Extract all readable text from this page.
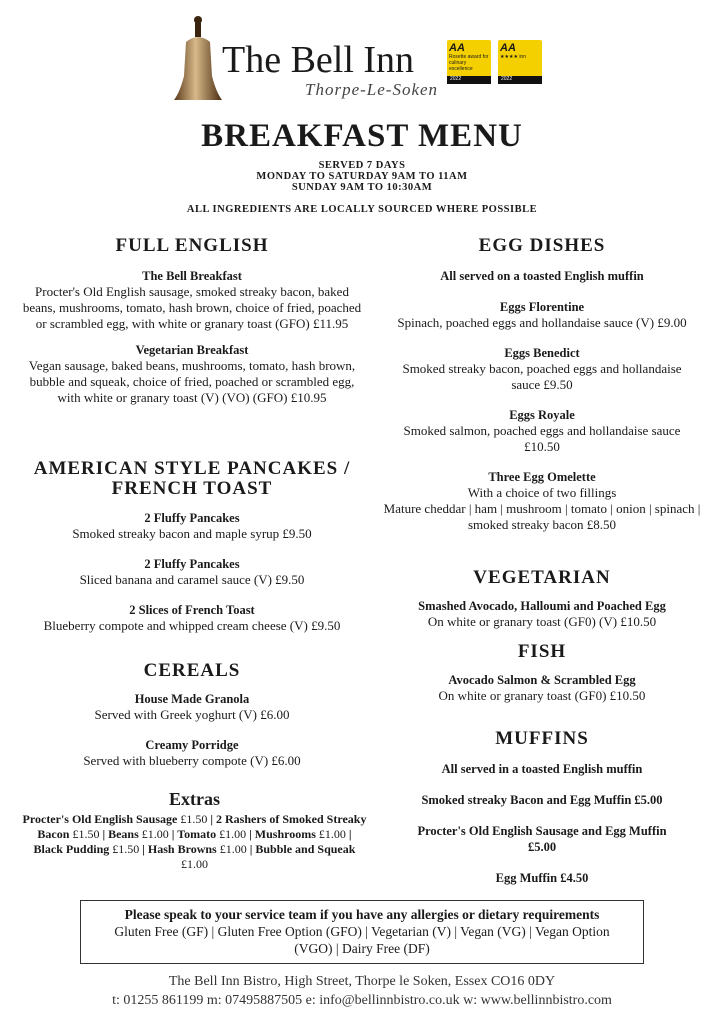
The Bell Inn
Thorpe-Le-Soken
AA
Rosette award for culinary excellence
2022
AA
★★★★ inn
2022
BREAKFAST MENU
SERVED 7 DAYS
MONDAY TO SATURDAY 9AM TO 11AM
SUNDAY 9AM TO 10:30AM
ALL INGREDIENTS ARE LOCALLY SOURCED WHERE POSSIBLE
FULL ENGLISH
The Bell Breakfast
Procter's Old English sausage, smoked streaky bacon, baked beans, mushrooms, tomato, hash brown, choice of fried, poached or scrambled egg, with white or granary toast (GFO) £11.95
Vegetarian Breakfast
Vegan sausage, baked beans, mushrooms, tomato, hash brown, bubble and squeak, choice of fried, poached or scrambled egg, with white or granary toast (V) (VO) (GFO) £10.95
AMERICAN STYLE PANCAKES / FRENCH TOAST
2 Fluffy Pancakes
Smoked streaky bacon and maple syrup £9.50
2 Fluffy Pancakes
Sliced banana and caramel sauce (V) £9.50
2 Slices of French Toast
Blueberry compote and whipped cream cheese (V) £9.50
CEREALS
House Made Granola
Served with Greek yoghurt (V) £6.00
Creamy Porridge
Served with blueberry compote (V) £6.00
Extras
Procter's Old English Sausage £1.50 | 2 Rashers of Smoked Streaky Bacon £1.50 | Beans £1.00 | Tomato £1.00 | Mushrooms £1.00 | Black Pudding £1.50 | Hash Browns £1.00 | Bubble and Squeak £1.00
EGG DISHES
All served on a toasted English muffin
Eggs Florentine
Spinach, poached eggs and hollandaise sauce (V) £9.00
Eggs Benedict
Smoked streaky bacon, poached eggs and hollandaise sauce £9.50
Eggs Royale
Smoked salmon, poached eggs and hollandaise sauce £10.50
Three Egg Omelette
With a choice of two fillings
Mature cheddar | ham | mushroom | tomato | onion | spinach | smoked streaky bacon £8.50
VEGETARIAN
Smashed Avocado, Halloumi and Poached Egg
On white or granary toast (GF0) (V) £10.50
FISH
Avocado Salmon & Scrambled Egg
On white or granary toast (GF0) £10.50
MUFFINS
All served in a toasted English muffin
Smoked streaky Bacon and Egg Muffin £5.00
Procter's Old English Sausage and Egg Muffin £5.00
Egg Muffin £4.50
Please speak to your service team if you have any allergies or dietary requirements
Gluten Free (GF) | Gluten Free Option (GFO) | Vegetarian (V) | Vegan (VG) | Vegan Option (VGO) | Dairy Free (DF)
The Bell Inn Bistro, High Street, Thorpe le Soken, Essex CO16 0DY
t: 01255 861199 m: 07495887505 e: info@bellinnbistro.co.uk w: www.bellinnbistro.com
